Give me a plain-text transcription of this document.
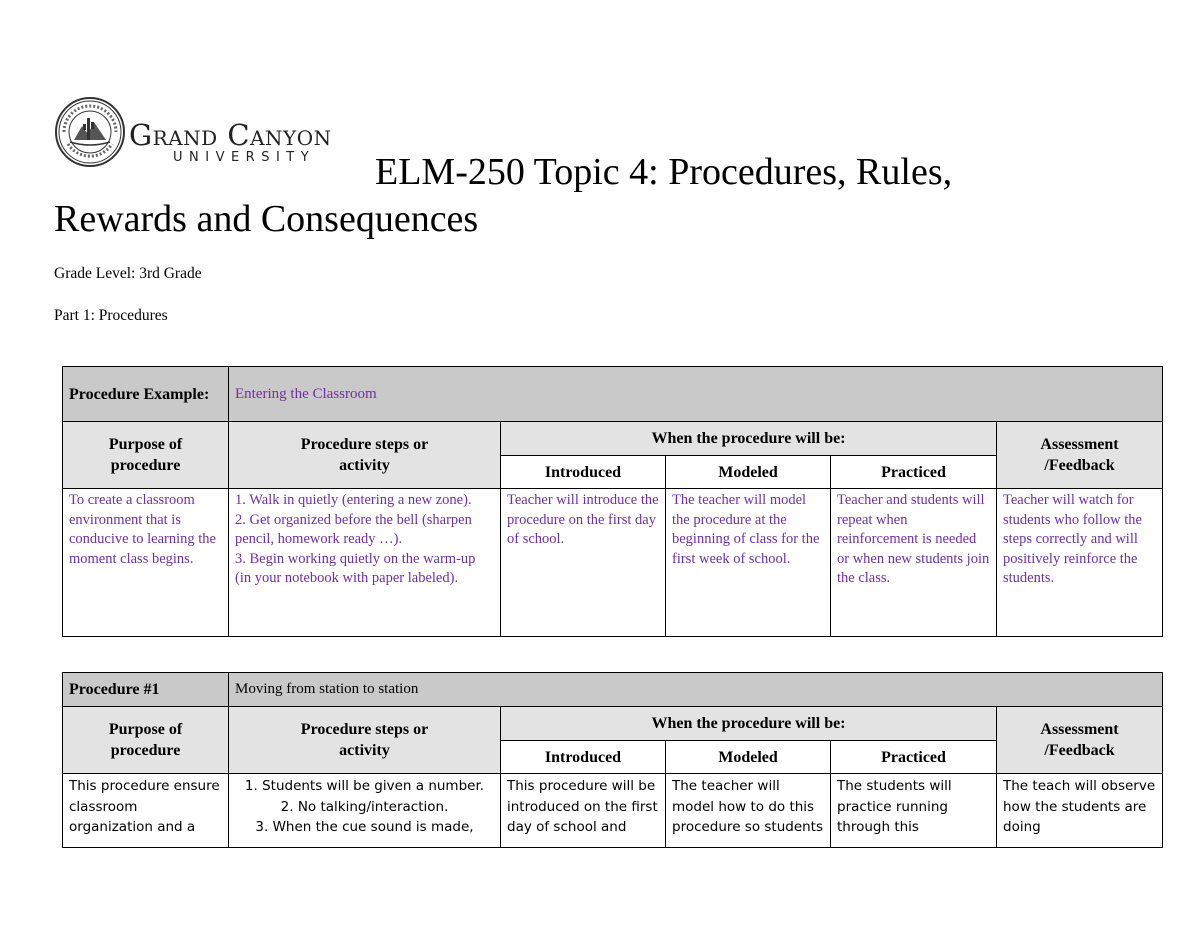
Grand Canyon
UNIVERSITY ELM-250 Topic 4: Procedures, Rules,
Rewards and Consequences
Grade Level: 3rd Grade
Part 1: Procedures
Procedure Example:	Entering the Classroom				

Purpose of procedure	Procedure steps or activity	When the procedure will be:			Assessment /Feedback

		Introduced	Modeled	Practiced	
To create a classroom environment that is conducive to learning the moment class begins.	1. Walk in quietly (entering a new zone).
2. Get organized before the bell (sharpen pencil, homework ready …).
3. Begin working quietly on the warm-up (in your notebook with paper labeled).	Teacher will introduce the procedure on the first day of school.	The teacher will model the procedure at the beginning of class for the first week of school.	Teacher and students will repeat when reinforcement is needed or when new students join the class.	Teacher will watch for students who follow the steps correctly and will positively reinforce the students.
Procedure #1	Moving from station to station				

Purpose of procedure	Procedure steps or activity	When the procedure will be:			Assessment /Feedback

		Introduced	Modeled	Practiced	
This procedure ensure classroom organization and a	1. Students will be given a number.
2. No talking/interaction.
3. When the cue sound is made,	This procedure will be introduced on the first day of school and	The teacher will model how to do this procedure so students	The students will practice running through this	The teach will observe how the students are doing
